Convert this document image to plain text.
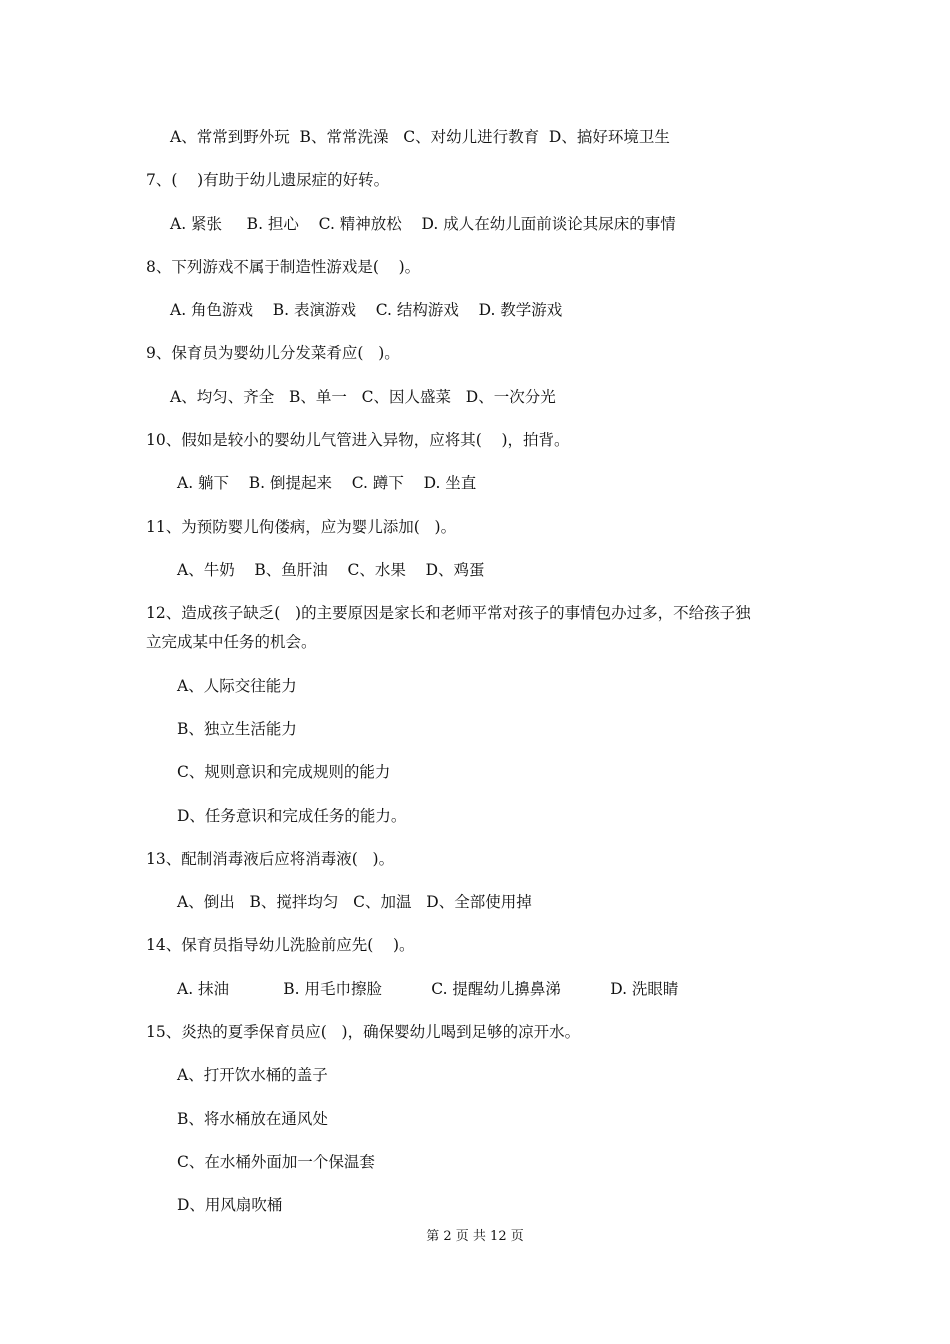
A、常常到野外玩  B、常常洗澡   C、对幼儿进行教育  D、搞好环境卫生
7、(    )有助于幼儿遗尿症的好转。
A. 紧张     B. 担心    C. 精神放松    D. 成人在幼儿面前谈论其尿床的事情
8、下列游戏不属于制造性游戏是(    )。
A. 角色游戏    B. 表演游戏    C. 结构游戏    D. 教学游戏
9、保育员为婴幼儿分发菜肴应(   )。
A、均匀、齐全   B、单一   C、因人盛菜   D、一次分光
10、假如是较小的婴幼儿气管进入异物，应将其(    )，拍背。
A. 躺下    B. 倒提起来    C. 蹲下    D. 坐直
11、为预防婴儿佝偻病，应为婴儿添加(   )。
A、牛奶    B、鱼肝油    C、水果    D、鸡蛋
12、造成孩子缺乏(   )的主要原因是家长和老师平常对孩子的事情包办过多，不给孩子独
立完成某中任务的机会。
A、人际交往能力
B、独立生活能力
C、规则意识和完成规则的能力
D、任务意识和完成任务的能力。
13、配制消毒液后应将消毒液(   )。
A、倒出   B、搅拌均匀   C、加温   D、全部使用掉
14、保育员指导幼儿洗脸前应先(    )。
A. 抹油           B. 用毛巾擦脸          C. 提醒幼儿擤鼻涕          D. 洗眼睛
15、炎热的夏季保育员应(   )，确保婴幼儿喝到足够的凉开水。
A、打开饮水桶的盖子
B、将水桶放在通风处
C、在水桶外面加一个保温套
D、用风扇吹桶
第 2 页 共 12 页
